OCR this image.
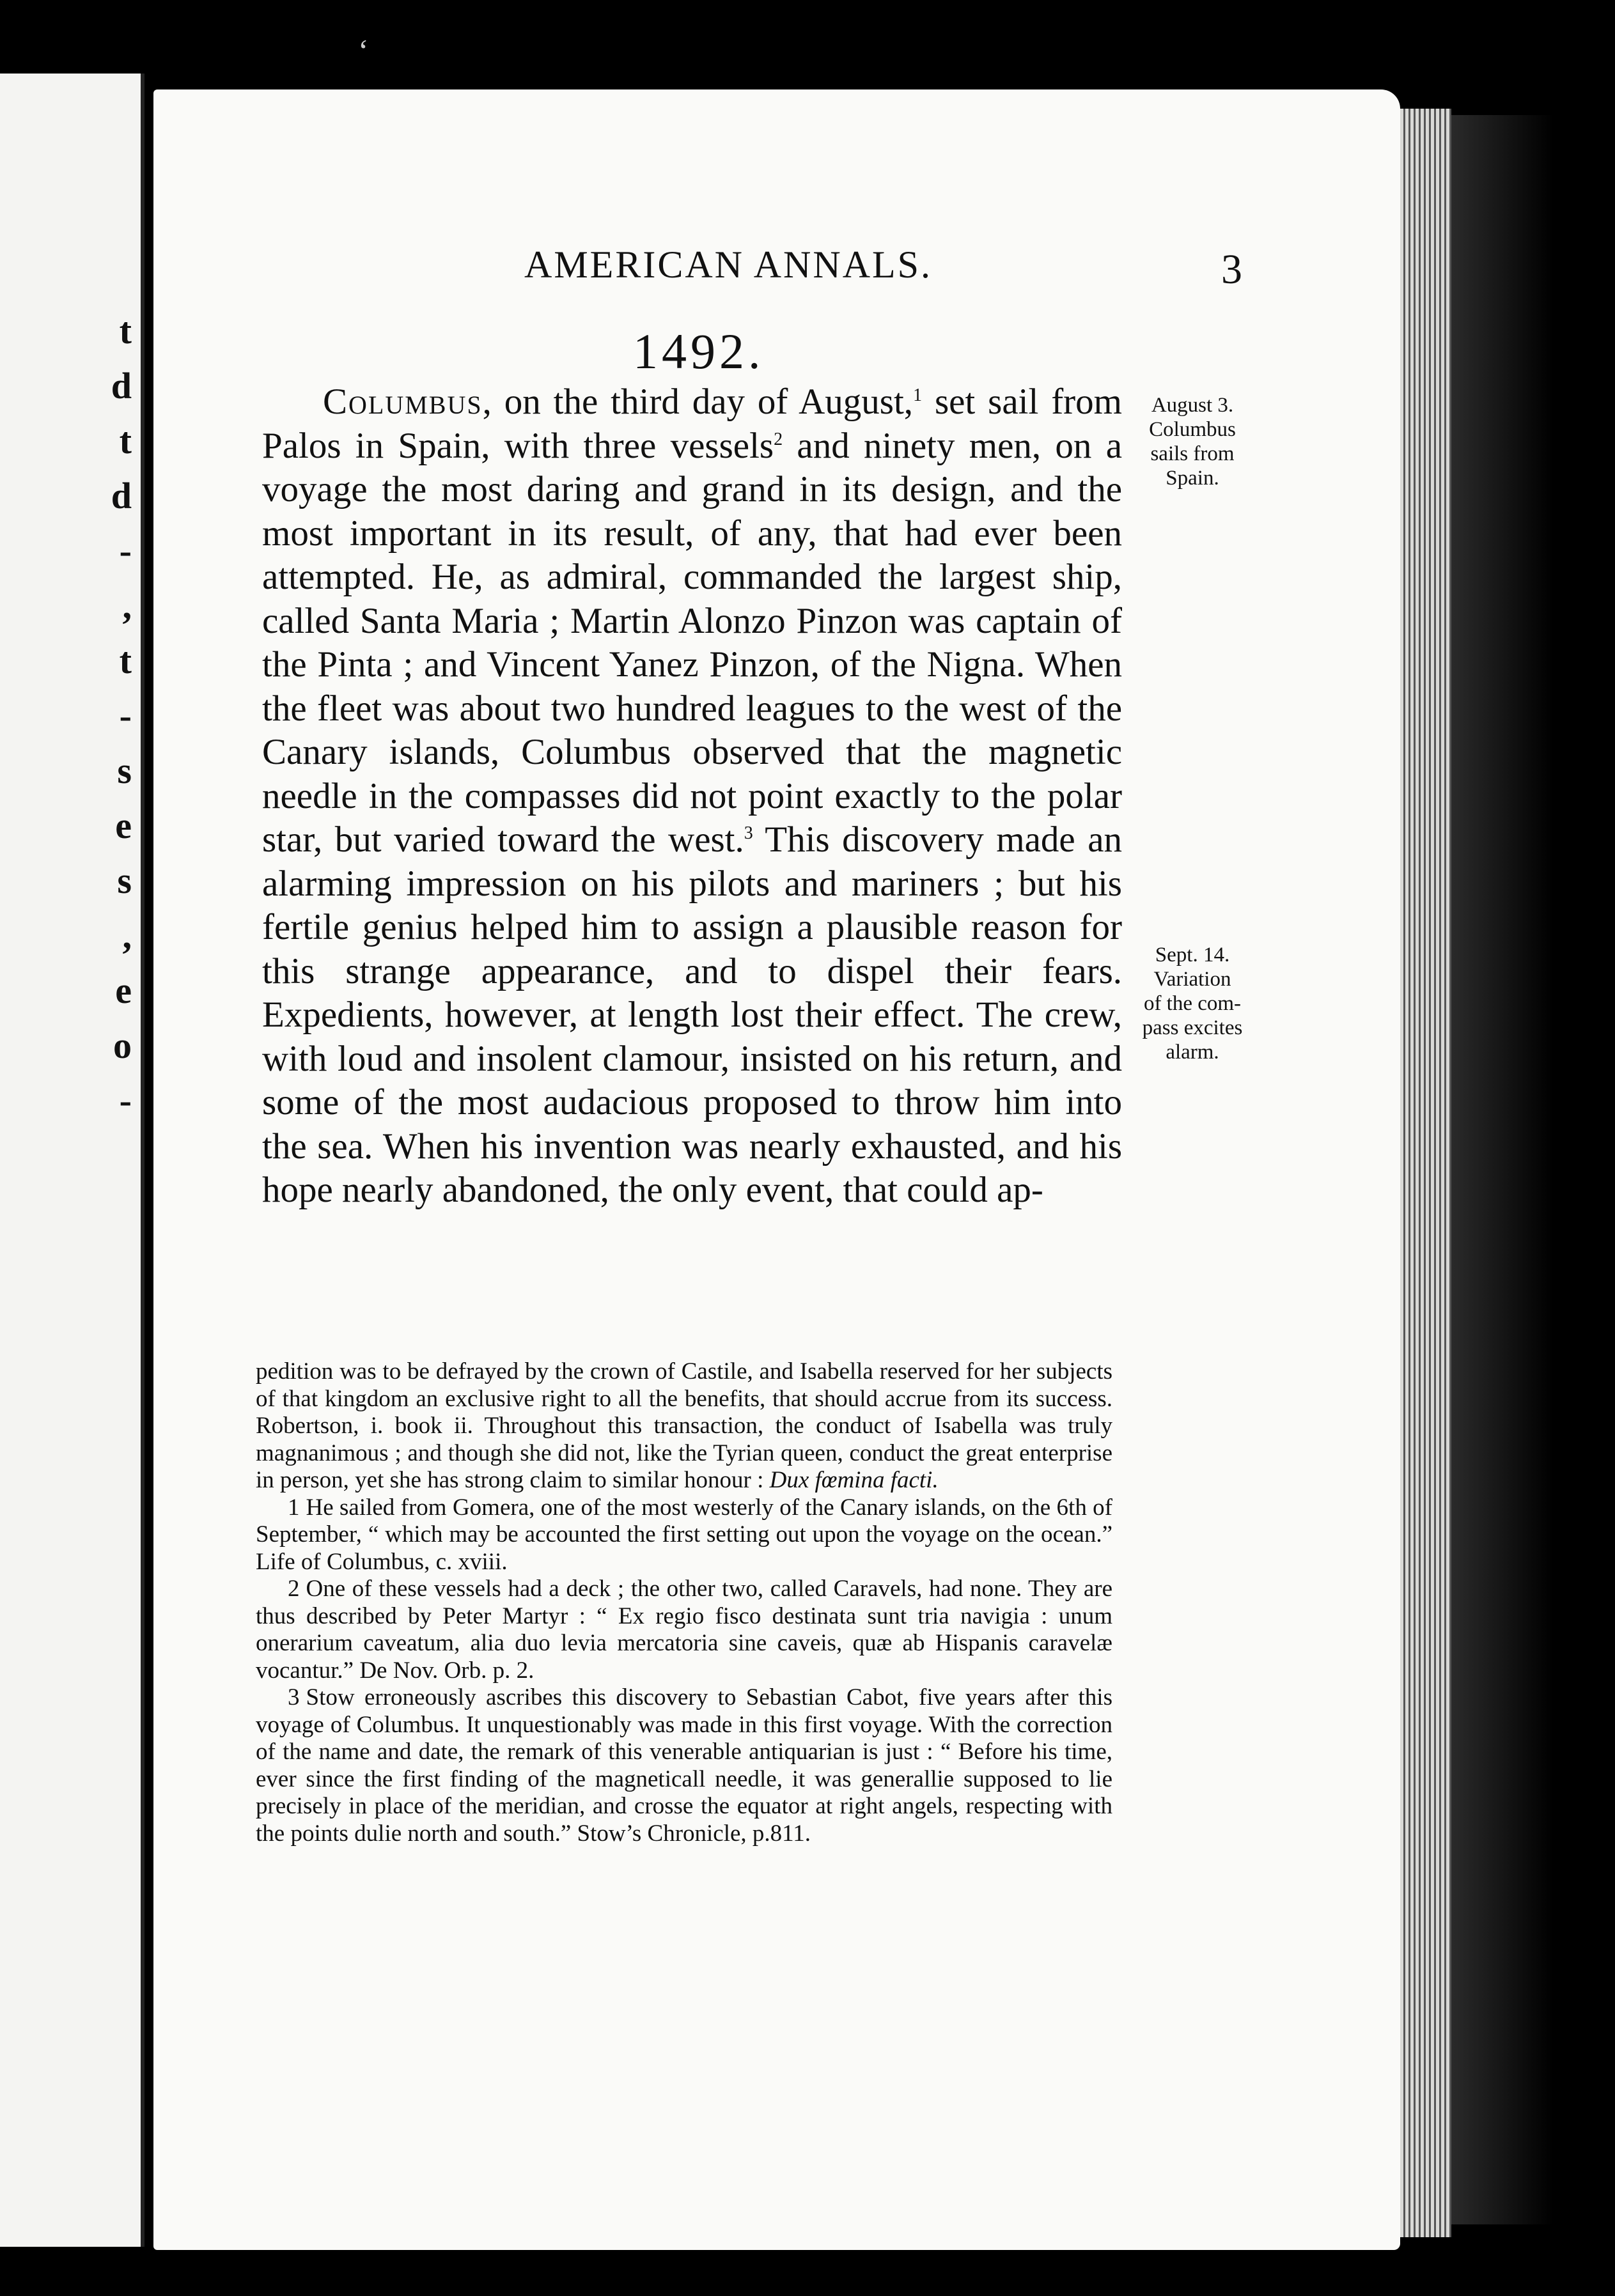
ʻ
t
d
t
d
-
,
t
-
s
e
s
,
e
o
-
AMERICAN ANNALS.	3
1492.
Columbus, on the third day of August,$^1$ set sail from Palos in Spain, with three vessels$^2$ and ninety men, on a voyage the most daring and grand in its design, and the most important in its result, of any, that had ever been attempted. He, as admiral, commanded the largest ship, called Santa Maria ; Martin Alonzo Pinzon was captain of the Pinta ; and Vincent Yanez Pinzon, of the Nigna. When the fleet was about two hundred leagues to the west of the Canary islands, Columbus observed that the magnetic needle in the compasses did not point exactly to the polar star, but varied toward the west.$^3$ This discovery made an alarming impression on his pilots and mariners ; but his fertile genius helped him to assign a plausible reason for this strange appearance, and to dispel their fears. Expedients, however, at length lost their effect. The crew, with loud and insolent clamour, insisted on his return, and some of the most audacious proposed to throw him into the sea. When his invention was nearly exhausted, and his hope nearly abandoned, the only event, that could ap-
August 3.
Columbus
sails from
Spain.
Sept. 14.
Variation
of the com-
pass excites
alarm.

pedition was to be defrayed by the crown of Castile, and Isabella reserved for her subjects of that kingdom an exclusive right to all the benefits, that should accrue from its success. Robertson, i. book ii. Throughout this transaction, the conduct of Isabella was truly magnanimous ; and though she did not, like the Tyrian queen, conduct the great enterprise in person, yet she has strong claim to similar honour : Dux fœmina facti.

1 He sailed from Gomera, one of the most westerly of the Canary islands, on the 6th of September, “ which may be accounted the first setting out upon the voyage on the ocean.” Life of Columbus, c. xviii.

2 One of these vessels had a deck ; the other two, called Caravels, had none. They are thus described by Peter Martyr : “ Ex regio fisco destinata sunt tria navigia : unum onerarium caveatum, alia duo levia mercatoria sine caveis, quæ ab Hispanis caravelæ vocantur.” De Nov. Orb. p. 2.

3 Stow erroneously ascribes this discovery to Sebastian Cabot, five years after this voyage of Columbus. It unquestionably was made in this first voyage. With the correction of the name and date, the remark of this venerable antiquarian is just : “ Before his time, ever since the first finding of the magneticall needle, it was generallie supposed to lie precisely in place of the meridian, and crosse the equator at right angels, respecting with the points dulie north and south.” Stow’s Chronicle, p.811.
